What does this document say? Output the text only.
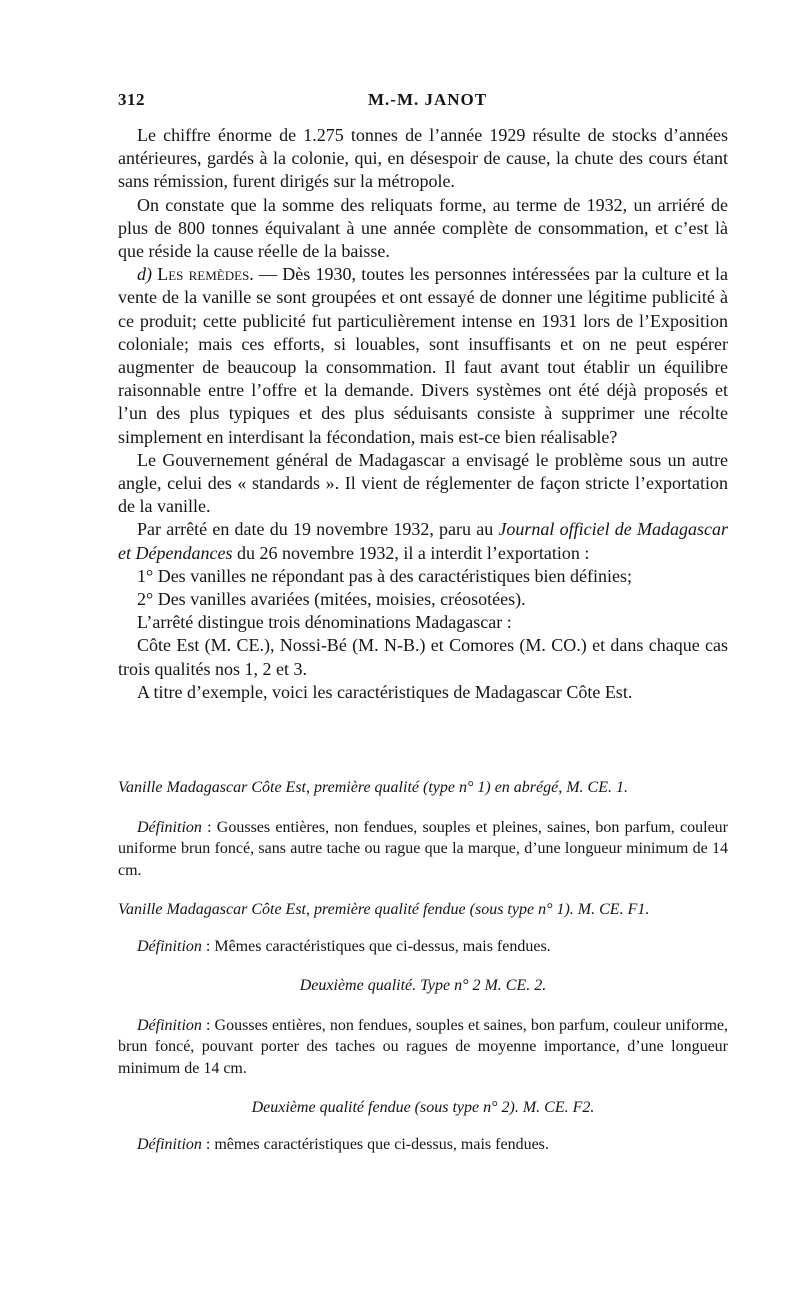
312	M.-M. JANOT

Le chiffre énorme de 1.275 tonnes de l’année 1929 résulte de stocks d’années antérieures, gardés à la colonie, qui, en désespoir de cause, la chute des cours étant sans rémission, furent dirigés sur la métropole.

On constate que la somme des reliquats forme, au terme de 1932, un arriéré de plus de 800 tonnes équivalant à une année complète de consommation, et c’est là que réside la cause réelle de la baisse.

d) Les remèdes. — Dès 1930, toutes les personnes intéressées par la culture et la vente de la vanille se sont groupées et ont essayé de donner une légitime publicité à ce produit; cette publicité fut particulièrement intense en 1931 lors de l’Exposition coloniale; mais ces efforts, si louables, sont insuffisants et on ne peut espérer augmenter de beaucoup la consommation. Il faut avant tout établir un équilibre raisonnable entre l’offre et la demande. Divers systèmes ont été déjà proposés et l’un des plus typiques et des plus séduisants consiste à supprimer une récolte simplement en interdisant la fécondation, mais est-ce bien réalisable?

Le Gouvernement général de Madagascar a envisagé le problème sous un autre angle, celui des « standards ». Il vient de réglementer de façon stricte l’exportation de la vanille.

Par arrêté en date du 19 novembre 1932, paru au Journal officiel de Madagascar et Dépendances du 26 novembre 1932, il a interdit l’exportation :

1° Des vanilles ne répondant pas à des caractéristiques bien définies;

2° Des vanilles avariées (mitées, moisies, créosotées).

L’arrêté distingue trois dénominations Madagascar :

Côte Est (M. CE.), Nossi-Bé (M. N-B.) et Comores (M. CO.) et dans chaque cas trois qualités nos 1, 2 et 3.

A titre d’exemple, voici les caractéristiques de Madagascar Côte Est.

Vanille Madagascar Côte Est, première qualité (type n° 1) en abrégé, M. CE. 1.

Définition : Gousses entières, non fendues, souples et pleines, saines, bon parfum, couleur uniforme brun foncé, sans autre tache ou rague que la marque, d’une longueur minimum de 14 cm.

Vanille Madagascar Côte Est, première qualité fendue (sous type n° 1). M. CE. F1.

Définition : Mêmes caractéristiques que ci-dessus, mais fendues.

Deuxième qualité. Type n° 2 M. CE. 2.

Définition : Gousses entières, non fendues, souples et saines, bon parfum, couleur uniforme, brun foncé, pouvant porter des taches ou ragues de moyenne importance, d’une longueur minimum de 14 cm.

Deuxième qualité fendue (sous type n° 2). M. CE. F2.

Définition : mêmes caractéristiques que ci-dessus, mais fendues.
